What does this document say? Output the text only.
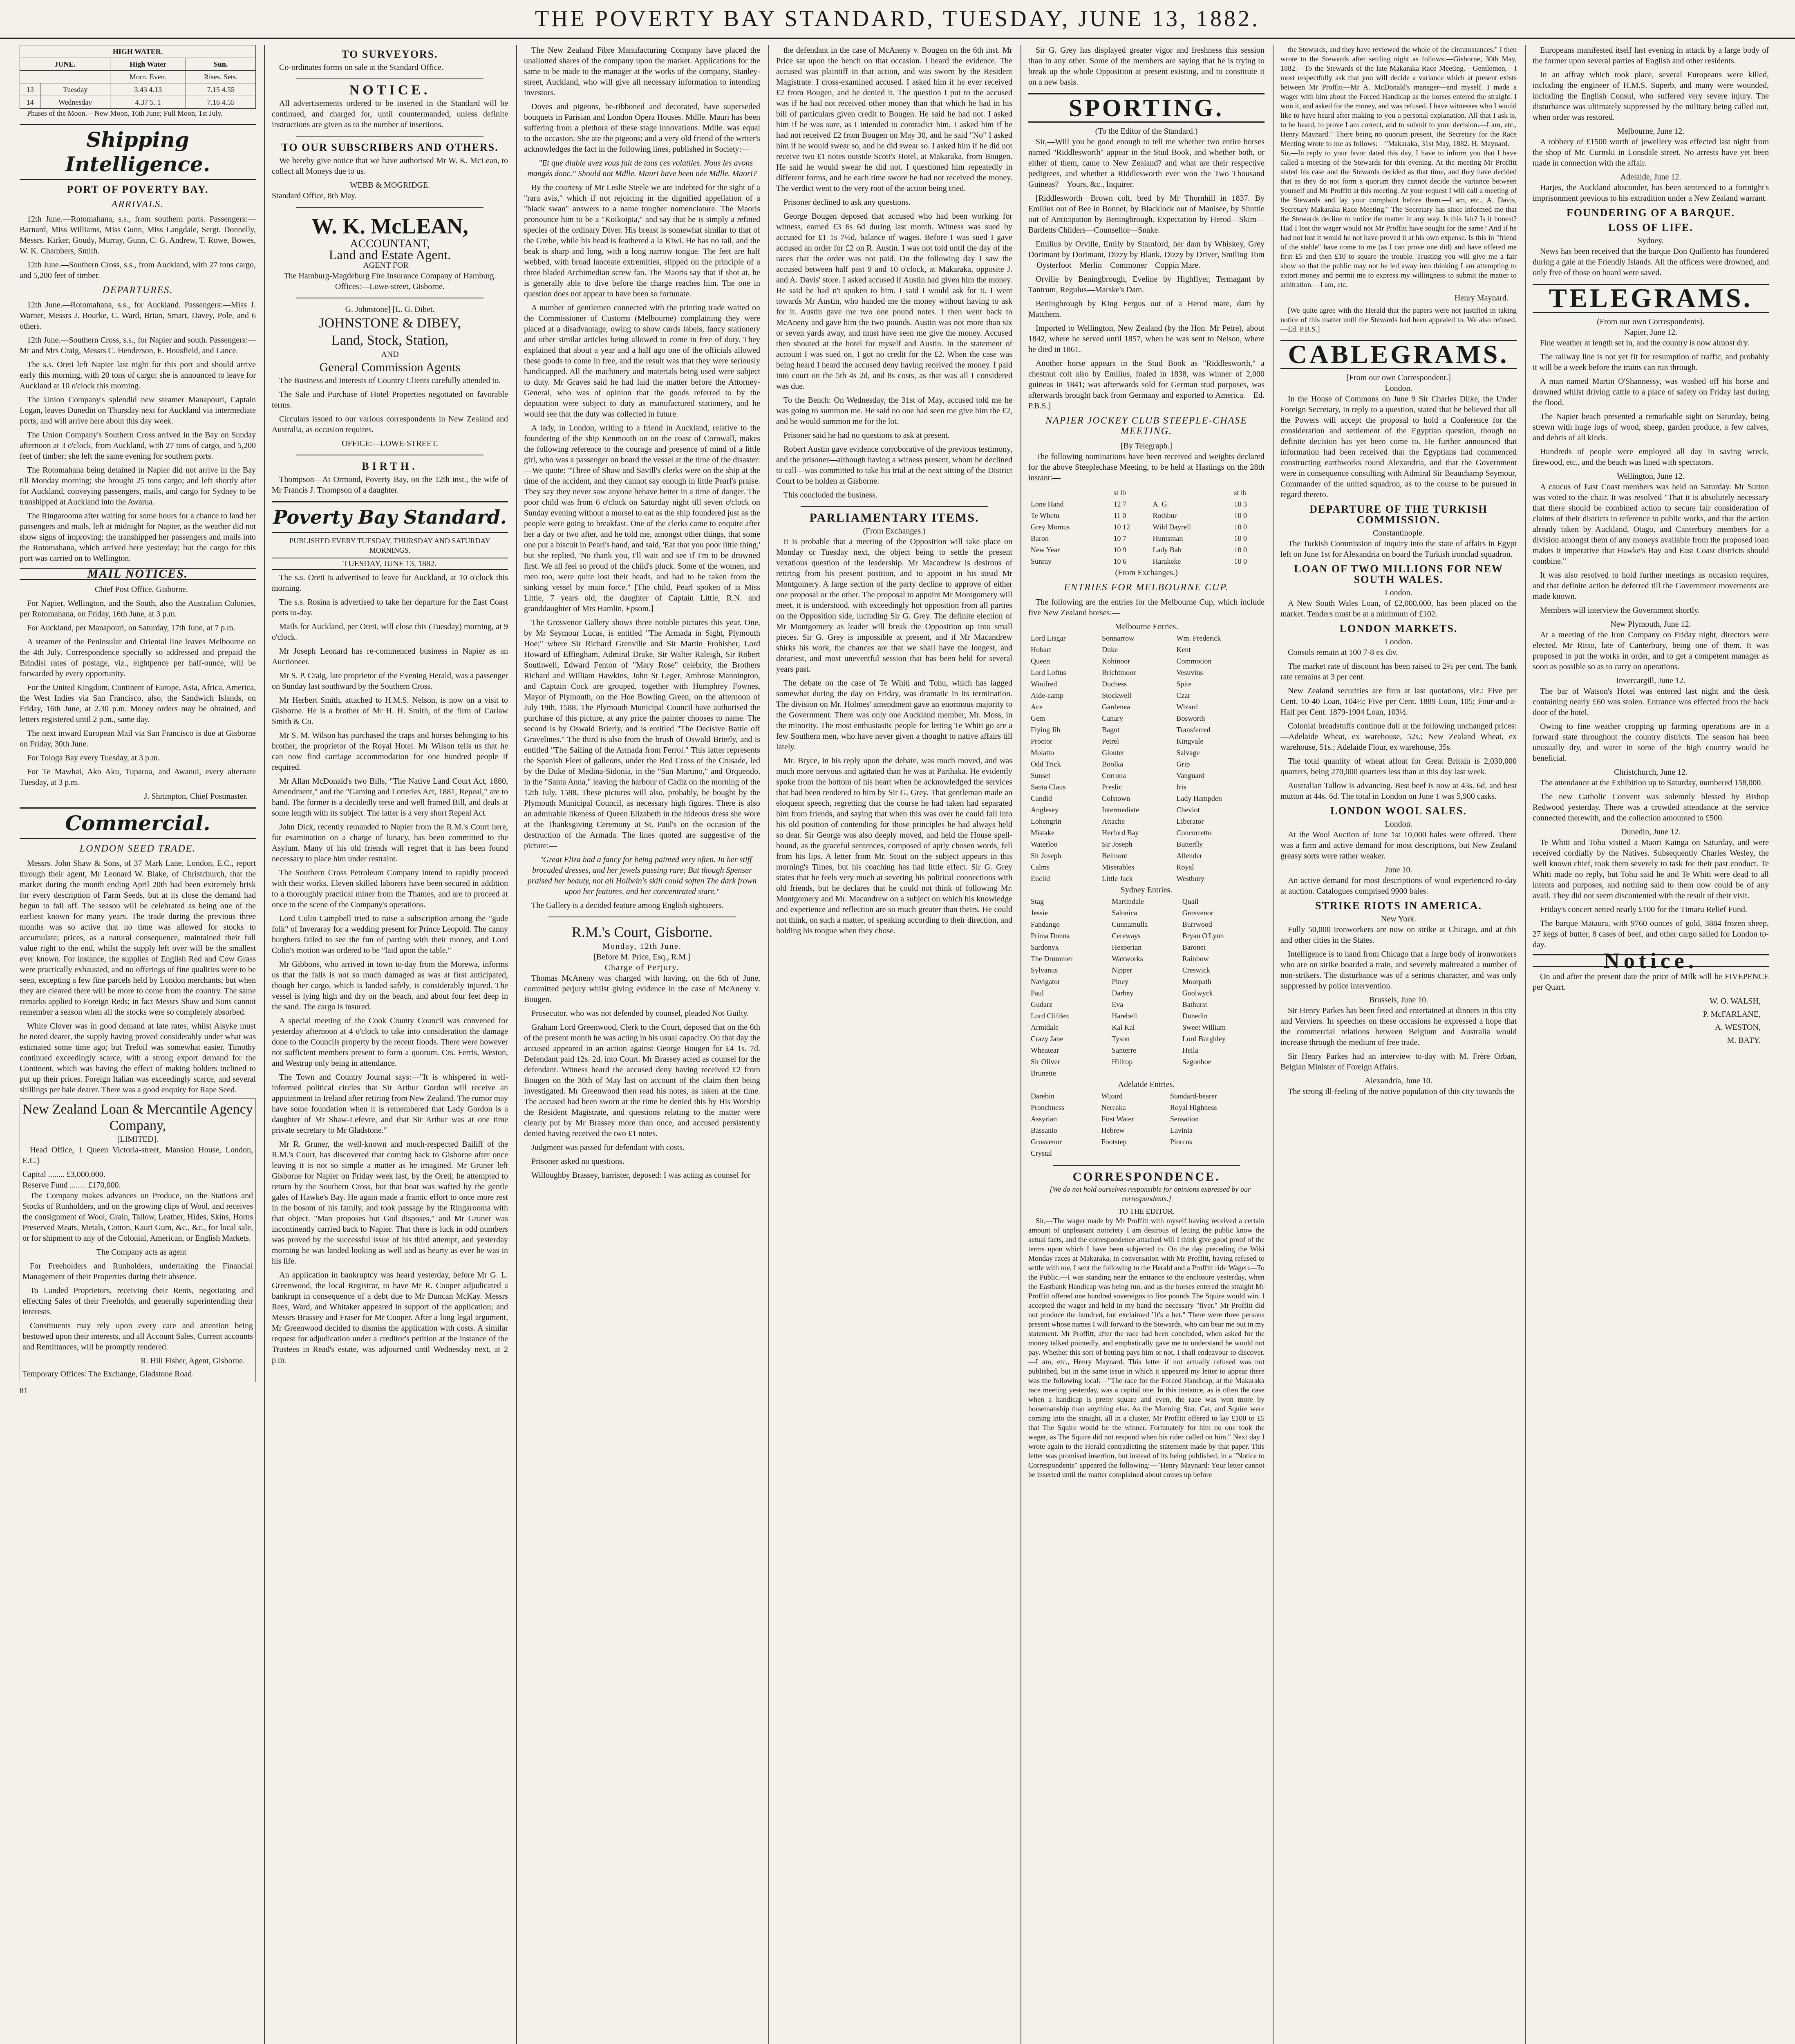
THE POVERTY BAY STANDARD, TUESDAY, JUNE 13, 1882.
HIGH WATER.			
JUNE.		High Water	Sun.
		Morn. Even.	Rises. Sets.
13	Tuesday	3.43 4.13	7.15 4.55
14	Wednesday	4.37 5. 1	7.16 4.55

Phases of the Moon.—New Moon, 16th June; Full Moon, 1st July.

Shipping Intelligence.
PORT OF POVERTY BAY.
ARRIVALS.

12th June.—Rotomahana, s.s., from southern ports. Passengers:—Barnard, Miss Williams, Miss Gunn, Miss Langdale, Sergt. Donnelly, Messrs. Kirker, Goudy, Murray, Gunn, C. G. Andrew, T. Rowe, Bowes, W. K. Chambers, Smith.

12th June.—Southern Cross, s.s., from Auckland, with 27 tons cargo, and 5,200 feet of timber.

DEPARTURES.

12th June.—Rotomahana, s.s., for Auckland. Passengers:—Miss J. Warner, Messrs J. Bourke, C. Ward, Brian, Smart, Davey, Pole, and 6 others.

12th June.—Southern Cross, s.s., for Napier and south. Passengers:—Mr and Mrs Craig, Messrs C. Henderson, E. Bousfield, and Lance.

The s.s. Oreti left Napier last night for this port and should arrive early this morning, with 20 tons of cargo; she is announced to leave for Auckland at 10 o'clock this morning.

The Union Company's splendid new steamer Manapouri, Captain Logan, leaves Dunedin on Thursday next for Auckland via intermediate ports; and will arrive here about this day week.

The Union Company's Southern Cross arrived in the Bay on Sunday afternoon at 3 o'clock, from Auckland, with 27 tons of cargo, and 5,200 feet of timber; she left the same evening for southern ports.

The Rotomahana being detained in Napier did not arrive in the Bay till Monday morning; she brought 25 tons cargo; and left shortly after for Auckland, conveying passengers, mails, and cargo for Sydney to be transhipped at Auckland into the Awarua.

The Ringarooma after waiting for some hours for a chance to land her passengers and mails, left at midnight for Napier, as the weather did not show signs of improving; the transhipped her passengers and mails into the Rotomahana, which arrived here yesterday; but the cargo for this port was carried on to Wellington.

MAIL NOTICES.

Chief Post Office, Gisborne.

For Napier, Wellington, and the South, also the Australian Colonies, per Rotomahana, on Friday, 16th June, at 3 p.m.

For Auckland, per Manapouri, on Saturday, 17th June, at 7 p.m.

A steamer of the Peninsular and Oriental line leaves Melbourne on the 4th July. Correspondence specially so addressed and prepaid the Brindisi rates of postage, viz., eightpence per half-ounce, will be forwarded by every opportunity.

For the United Kingdom, Continent of Europe, Asia, Africa, America, the West Indies via San Francisco, also, the Sandwich Islands, on Friday, 16th June, at 2.30 p.m. Money orders may be obtained, and letters registered until 2 p.m., same day.

The next inward European Mail via San Francisco is due at Gisborne on Friday, 30th June.

For Tologa Bay every Tuesday, at 3 p.m.

For Te Mawhai, Ako Aku, Tuparoa, and Awanui, every alternate Tuesday, at 3 p.m.

J. Shrimpton, Chief Postmaster.
Commercial.
LONDON SEED TRADE.

Messrs. John Shaw & Sons, of 37 Mark Lane, London, E.C., report through their agent, Mr Leonard W. Blake, of Christchurch, that the market during the month ending April 20th had been extremely brisk for every description of Farm Seeds, but at its close the demand had begun to fall off. The season will be celebrated as being one of the earliest known for many years. The trade during the previous three months was so active that no time was allowed for stocks to accumulate; prices, as a natural consequence, maintained their full value right to the end, whilst the supply left over will be the smallest ever known. For instance, the supplies of English Red and Cow Grass were practically exhausted, and no offerings of fine qualities were to be seen, excepting a few fine parcels held by London merchants; but when they are cleared there will be more to come from the country. The same remarks applied to Foreign Reds; in fact Messrs Shaw and Sons cannot remember a season when all the stocks were so completely absorbed.

White Clover was in good demand at late rates, whilst Alsyke must be noted dearer, the supply having proved considerably under what was estimated some time ago; but Trefoil was somewhat easier. Timothy continued exceedingly scarce, with a strong export demand for the Continent, which was having the effect of making holders inclined to put up their prices. Foreign Italian was exceedingly scarce, and several shillings per bale dearer. There was a good enquiry for Rape Seed.

New Zealand Loan & Mercantile Agency Company,
[LIMITED].

Head Office, 1 Queen Victoria-street, Mansion House, London, E.C.)

Capital ........ £3,000,000.
Reserve Fund ........ £170,000.

The Company makes advances on Produce, on the Stations and Stocks of Runholders, and on the growing clips of Wool, and receives the consignment of Wool, Grain, Tallow, Leather, Hides, Skins, Horns Preserved Meats, Metals, Cotton, Kauri Gum, &c., &c., for local sale, or for shipment to any of the Colonial, American, or English Markets.

The Company acts as agent

For Freeholders and Runholders, undertaking the Financial Management of their Properties during their absence.

To Landed Proprietors, receiving their Rents, negotiating and effecting Sales of their Freeholds, and generally superintending their interests.

Constituents may rely upon every care and attention being bestowed upon their interests, and all Account Sales, Current accounts and Remittances, will be promptly rendered.

R. Hill Fisher, Agent, Gisborne.
Temporary Offices: The Exchange, Gladstone Road.
81
TO SURVEYORS.

Co-ordinates forms on sale at the Standard Office.

NOTICE.

All advertisements ordered to be inserted in the Standard will be continued, and charged for, until countermanded, unless definite instructions are given as to the number of insertions.

TO OUR SUBSCRIBERS AND OTHERS.

We hereby give notice that we have authorised Mr W. K. McLean, to collect all Moneys due to us.

WEBB & MOGRIDGE.
Standard Office, 8th May.
W. K. McLEAN,
ACCOUNTANT,
Land and Estate Agent.
AGENT FOR—
The Hamburg-Magdeburg Fire Insurance Company of Hamburg.
Offices:—Lowe-street, Gisborne.
G. Johnstone] [L. G. Dibet.
JOHNSTONE & DIBEY,
Land, Stock, Station,
—AND—
General Commission Agents

The Business and Interests of Country Clients carefully attended to.

The Sale and Purchase of Hotel Properties negotiated on favorable terms.

Circulars issued to our various correspondents in New Zealand and Australia, as occasion requires.

OFFICE:—LOWE-STREET.
BIRTH.

Thompson—At Ormond, Poverty Bay, on the 12th inst., the wife of Mr Francis J. Thompson of a daughter.

Poverty Bay Standard.
PUBLISHED EVERY TUESDAY, THURSDAY AND SATURDAY MORNINGS.
TUESDAY, JUNE 13, 1882.

The s.s. Oreti is advertised to leave for Auckland, at 10 o'clock this morning.

The s.s. Rosina is advertised to take her departure for the East Coast ports to-day.

Mails for Auckland, per Oreti, will close this (Tuesday) morning, at 9 o'clock.

Mr Joseph Leonard has re-commenced business in Napier as an Auctioneer.

Mr S. P. Craig, late proprietor of the Evening Herald, was a passenger on Sunday last southward by the Southern Cross.

Mr Herbert Smith, attached to H.M.S. Nelson, is now on a visit to Gisborne. He is a brother of Mr H. H. Smith, of the firm of Carlaw Smith & Co.

Mr S. M. Wilson has purchased the traps and horses belonging to his brother, the proprietor of the Royal Hotel. Mr Wilson tells us that he can now find carriage accommodation for one hundred people if required.

Mr Allan McDonald's two Bills, "The Native Land Court Act, 1880, Amendment," and the "Gaming and Lotteries Act, 1881, Repeal," are to hand. The former is a decidedly terse and well framed Bill, and deals at some length with its subject. The latter is a very short Repeal Act.

John Dick, recently remanded to Napier from the R.M.'s Court here, for examination on a charge of lunacy, has been committed to the Asylum. Many of his old friends will regret that it has been found necessary to place him under restraint.

The Southern Cross Petroleum Company intend to rapidly proceed with their works. Eleven skilled laborers have been secured in addition to a thoroughly practical miner from the Thames, and are to proceed at once to the scene of the Company's operations.

Lord Colin Campbell tried to raise a subscription among the "gude folk" of Inveraray for a wedding present for Prince Leopold. The canny burghers failed to see the fun of parting with their money, and Lord Colin's motion was ordered to be "laid upon the table."

Mr Gibbons, who arrived in town to-day from the Morewa, informs us that the falls is not so much damaged as was at first anticipated, though her cargo, which is landed safely, is considerably injured. The vessel is lying high and dry on the beach, and about four feet deep in the sand. The cargo is insured.

A special meeting of the Cook County Council was convened for yesterday afternoon at 4 o'clock to take into consideration the damage done to the Councils property by the recent floods. There were however not sufficient members present to form a quorum. Crs. Ferris, Weston, and Westrup only being in attendance.

The Town and Country Journal says:—"It is whispered in well-informed political circles that Sir Arthur Gordon will receive an appointment in Ireland after retiring from New Zealand. The rumor may have some foundation when it is remembered that Lady Gordon is a daughter of Mr Shaw-Lefevre, and that Sir Arthur was at one time private secretary to Mr Gladstone."

Mr R. Gruner, the well-known and much-respected Bailiff of the R.M.'s Court, has discovered that coming back to Gisborne after once leaving it is not so simple a matter as he imagined. Mr Gruner left Gisborne for Napier on Friday week last, by the Oreti; he attempted to return by the Southern Cross, but that boat was wafted by the gentle gales of Hawke's Bay. He again made a frantic effort to once more rest in the bosom of his family, and took passage by the Ringarooma with that object. "Man proposes but God disposes," and Mr Gruner was incontinently carried back to Napier. That there is luck in odd numbers was proved by the successful issue of his third attempt, and yesterday morning he was landed looking as well and as hearty as ever he was in his life.

An application in bankruptcy was heard yesterday, before Mr G. L. Greenwood, the local Registrar, to have Mr R. Cooper adjudicated a bankrupt in consequence of a debt due to Mr Duncan McKay. Messrs Rees, Ward, and Whitaker appeared in support of the application; and Messrs Brassey and Fraser for Mr Cooper. After a long legal argument, Mr Greenwood decided to dismiss the application with costs. A similar request for adjudication under a creditor's petition at the instance of the Trustees in Read's estate, was adjourned until Wednesday next, at 2 p.m.

The New Zealand Fibre Manufacturing Company have placed the unallotted shares of the company upon the market. Applications for the same to be made to the manager at the works of the company, Stanley-street, Auckland, who will give all necessary information to intending investors.

Doves and pigeons, be-ribboned and decorated, have superseded bouquets in Parisian and London Opera Houses. Mdlle. Mauri has been suffering from a plethora of these stage innovations. Mdlle. was equal to the occasion. She ate the pigeons; and a very old friend of the writer's acknowledges the fact in the following lines, published in Society:—

"Et que diable avez vous fait de tous ces volatiles. Nous les avons mangés donc." Should not Mdlle. Mauri have been née Mdlle. Maori?

By the courtesy of Mr Leslie Steele we are indebted for the sight of a "rara avis," which if not rejoicing in the dignified appellation of a "black swan" answers to a name tougher nomenclature. The Maoris pronounce him to be a "Koikoipia," and say that he is simply a refined species of the ordinary Diver. His breast is somewhat similar to that of the Grebe, while his head is feathered a la Kiwi. He has no tail, and the beak is sharp and long, with a long narrow tongue. The feet are half webbed, with broad lanceate extremities, slipped on the principle of a three bladed Archimedian screw fan. The Maoris say that if shot at, he is generally able to dive before the charge reaches him. The one in question does not appear to have been so fortunate.

A number of gentlemen connected with the printing trade waited on the Commissioner of Customs (Melbourne) complaining they were placed at a disadvantage, owing to show cards labels, fancy stationery and other similar articles being allowed to come in free of duty. They explained that about a year and a half ago one of the officials allowed these goods to come in free, and the result was that they were seriously handicapped. All the machinery and materials being used were subject to duty. Mr Graves said he had laid the matter before the Attorney-General, who was of opinion that the goods referred to by the deputation were subject to duty as manufactured stationery, and he would see that the duty was collected in future.

A lady, in London, writing to a friend in Auckland, relative to the foundering of the ship Kenmouth on on the coast of Cornwall, makes the following reference to the courage and presence of mind of a little girl, who was a passenger on board the vessel at the time of the disaster:—We quote: "Three of Shaw and Savill's clerks were on the ship at the time of the accident, and they cannot say enough in little Pearl's praise. They say they never saw anyone behave better in a time of danger. The poor child was from 6 o'clock on Saturday night till seven o'clock on Sunday evening without a morsel to eat as the ship foundered just as the people were going to breakfast. One of the clerks came to enquire after her a day or two after, and he told me, amongst other things, that some one put a biscuit in Pearl's hand, and said, 'Eat that you poor little thing,' but she replied, 'No thank you, I'll wait and see if I'm to be drowned first. We all feel so proud of the child's pluck. Some of the women, and men too, were quite lost their heads, and had to be taken from the sinking vessel by main force." [The child, Pearl spoken of is Miss Little, 7 years old, the daughter of Captain Little, R.N. and granddaughter of Mrs Hamlin, Epsom.]

The Grosvenor Gallery shows three notable pictures this year. One, by Mr Seymour Lucas, is entitled "The Armada in Sight, Plymouth Hoe;" where Sir Richard Grenville and Sir Martin Frobisher, Lord Howard of Effingham, Admiral Drake, Sir Walter Raleigh, Sir Robert Southwell, Edward Fenton of "Mary Rose" celebrity, the Brothers Richard and William Hawkins, John St Leger, Ambrose Mannington, and Captain Cock are grouped, together with Humphrey Fownes, Mayor of Plymouth, on the Hoe Bowling Green, on the afternoon of July 19th, 1588. The Plymouth Municipal Council have authorised the purchase of this picture, at any price the painter chooses to name. The second is by Oswald Brierly, and is entitled "The Decisive Battle off Gravelines." The third is also from the brush of Oswald Brierly, and is entitled "The Sailing of the Armada from Ferrol." This latter represents the Spanish Fleet of galleons, under the Red Cross of the Crusade, led by the Duke of Medina-Sidonia, in the "San Martino," and Orquendo, in the "Santa Anna," leaving the harbour of Cadiz on the morning of the 12th July, 1588. These pictures will also, probably, be bought by the Plymouth Municipal Council, as necessary high figures. There is also an admirable likeness of Queen Elizabeth in the hideous dress she wore at the Thanksgiving Ceremony at St. Paul's on the occasion of the destruction of the Armada. The lines quoted are suggestive of the picture:—

"Great Eliza had a fancy for being painted very often. In her stiff brocaded dresses, and her jewels passing rare; But though Spenser praised her beauty, not all Holbein's skill could soften The dark frown upon her features, and her concentrated stare."

The Gallery is a decided feature among English sightseers.

R.M.'s Court, Gisborne.
Monday, 12th June.
[Before M. Price, Esq., R.M.]
Charge of Perjury.

Thomas McAneny was charged with having, on the 6th of June, committed perjury whilst giving evidence in the case of McAneny v. Bougen.

Prosecutor, who was not defended by counsel, pleaded Not Guilty.

Graham Lord Greenwood, Clerk to the Court, deposed that on the 6th of the present month he was acting in his usual capacity. On that day the accused appeared in an action against George Bougen for £4 1s. 7d. Defendant paid 12s. 2d. into Court. Mr Brassey acted as counsel for the defendant. Witness heard the accused deny having received £2 from Bougen on the 30th of May last on account of the claim then being investigated. Mr Greenwood then read his notes, as taken at the time. The accused had been sworn at the time he denied this by His Worship the Resident Magistrate, and questions relating to the matter were clearly put by Mr Brassey more than once, and accused persistently denied having received the two £1 notes.

Judgment was passed for defendant with costs.

Prisoner asked no questions.

Willoughby Brassey, barrister, deposed: I was acting as counsel for

the defendant in the case of McAneny v. Bougen on the 6th inst. Mr Price sat upon the bench on that occasion. I heard the evidence. The accused was plaintiff in that action, and was sworn by the Resident Magistrate. I cross-examined accused. I asked him if he ever received £2 from Bougen, and he denied it. The question I put to the accused was if he had not received other money than that which he had in his bill of particulars given credit to Bougen. He said he had not. I asked him if he was sure, as I intended to contradict him. I asked him if he had not received £2 from Bougen on May 30, and he said "No" I asked him if he would swear so, and he did swear so. I asked him if he did not receive two £1 notes outside Scott's Hotel, at Makaraka, from Bougen. He said he would swear he did not. I questioned him repeatedly in different forms, and he each time swore he had not received the money. The verdict went to the very root of the action being tried.

Prisoner declined to ask any questions.

George Bougen deposed that accused who had been working for witness, earned £3 6s 6d during last month. Witness was sued by accused for £1 1s 7½d, balance of wages. Before I was sued I gave accused an order for £2 on R. Austin. I was not told until the day of the races that the order was not paid. On the following day I saw the accused between half past 9 and 10 o'clock, at Makaraka, opposite J. and A. Davis' store. I asked accused if Austin had given him the money. He said he had n't spoken to him. I said I would ask for it. I went towards Mr Austin, who handed me the money without having to ask for it. Austin gave me two one pound notes. I then went back to McAneny and gave him the two pounds. Austin was not more than six or seven yards away, and must have seen me give the money. Accused then shouted at the hotel for myself and Austin. In the statement of account I was sued on, I got no credit for the £2. When the case was being heard I heard the accused deny having received the money. I paid into court on the 5th 4s 2d, and 8s costs, as that was all I considered was due.

To the Bench: On Wednesday, the 31st of May, accused told me he was going to summon me. He said no one had seen me give him the £2, and he would summon me for the lot.

Prisoner said he had no questions to ask at present.

Robert Austin gave evidence corroborative of the previous testimony, and the prisoner—although having a witness present, whom he declined to call—was committed to take his trial at the next sitting of the District Court to be holden at Gisborne.

This concluded the business.

PARLIAMENTARY ITEMS.
(From Exchanges.)

It is probable that a meeting of the Opposition will take place on Monday or Tuesday next, the object being to settle the present vexatious question of the leadership. Mr Macandrew is desirous of retiring from his present position, and to appoint in his stead Mr Montgomery. A large section of the party decline to approve of either one proposal or the other. The proposal to appoint Mr Montgomery will meet, it is understood, with exceedingly hot opposition from all parties on the Opposition side, including Sir G. Grey. The definite election of Mr Montgomery as leader will break the Opposition up into small pieces. Sir G. Grey is impossible at present, and if Mr Macandrew shirks his work, the chances are that we shall have the longest, and dreariest, and most uneventful session that has been held for several years past.

The debate on the case of Te Whiti and Tohu, which has lagged somewhat during the day on Friday, was dramatic in its termination. The division on Mr. Holmes' amendment gave an enormous majority to the Government. There was only one Auckland member, Mr. Moss, in the minority. The most enthusiastic people for letting Te Whiti go are a few Southern men, who have never given a thought to native affairs till lately.

Mr. Bryce, in his reply upon the debate, was much moved, and was much more nervous and agitated than he was at Parihaka. He evidently spoke from the bottom of his heart when he acknowledged the services that had been rendered to him by Sir G. Grey. That gentleman made an eloquent speech, regretting that the course he had taken had separated him from friends, and saying that when this was over he could fall into his old position of contending for those principles he had always held so dear. Sir George was also deeply moved, and held the House spell-bound, as the graceful sentences, composed of aptly chosen words, fell from his lips. A letter from Mr. Stout on the subject appears in this morning's Times, but his coaching has had little effect. Sir G. Grey states that he feels very much at severing his political connections with old friends, but he declares that he could not think of following Mr. Montgomery and Mr. Macandrew on a subject on which his knowledge and experience and reflection are so much greater than theirs. He could not think, on such a matter, of speaking according to their direction, and holding his tongue when they chose.

Sir G. Grey has displayed greater vigor and freshness this session than in any other. Some of the members are saying that he is trying to break up the whole Opposition at present existing, and to constitute it on a new basis.

SPORTING.
(To the Editor of the Standard.)

Sir,—Will you be good enough to tell me whether two entire horses named "Riddlesworth" appear in the Stud Book, and whether both, or either of them, came to New Zealand? and what are their respective pedigrees, and whether a Riddlesworth ever won the Two Thousand Guineas?—Yours, &c., Inquirer.

[Riddlesworth—Brown colt, bred by Mr Thornhill in 1837. By Emilius out of Bee in Bonnet, by Blacklock out of Manisee, by Shuttle out of Anticipation by Beningbrough. Expectation by Herod—Skim—Bartletts Childers—Counsellor—Snake.

Emilius by Orville, Emily by Stamford, her dam by Whiskey, Grey Dorimant by Dorimant, Dizzy by Blank, Dizzy by Driver, Smiling Tom—Oysterfoot—Merlin—Commoner—Coppin Mare.

Orville by Beningbrough, Eveline by Highflyer, Termagant by Tantrum, Regulus—Marske's Dam.

Beningbrough by King Fergus out of a Herod mare, dam by Matchem.

Imported to Wellington, New Zealand (by the Hon. Mr Petre), about 1842, where he served until 1857, when he was sent to Nelson, where he died in 1861.

Another horse appears in the Stud Book as "Riddlesworth," a chestnut colt also by Emilius, foaled in 1838, was winner of 2,000 guineas in 1841; was afterwards sold for German stud purposes, was afterwards brought back from Germany and exported to America.—Ed. P.B.S.]

NAPIER JOCKEY CLUB STEEPLE-CHASE MEETING.
[By Telegraph.]

The following nominations have been received and weights declared for the above Steeplechase Meeting, to be held at Hastings on the 28th instant:—

	st lb		st lb
Lone Hand	12 7	A. G.	10 3
Te Whetu	11 0	Rothbur	10 0
Grey Momus	10 12	Wild Dayrell	10 0
Baron	10 7	Huntsman	10 0
New Year	10 9	Lady Bab	10 0
Sunray	10 6	Harakeke	10 0
(From Exchanges.)
ENTRIES FOR MELBOURNE CUP.

The following are the entries for the Melbourne Cup, which include five New Zealand horses:—

Melbourne Entries.
Lord Lisgar	Sonnarrow	Wm. Frederick
Hobart	Duke	Kent
Queen	Kohinoor	Commotion
Lord Loftus	Brichtmoor	Vesuvius
Winifred	Duchess	Spite
Aide-camp	Stockwell	Czar
Ace	Gardenea	Wizard
Gem	Canary	Bosworth
Flying Jib	Bagot	Transferred
Proctor	Petrel	Kingvale
Molatto	Glouter	Salvage
Odd Trick	Boolka	Grip
Sunset	Corrona	Vanguard
Santa Claus	Preslic	Iris
Candid	Colstown	Lady Hampden
Anglesey	Intermediate	Cheviot
Lohengrin	Attache	Liberator
Mistake	Herford Bay	Concurretto
Waterloo	Sir Joseph	Butterfly
Sir Joseph	Belmont	Allender
Calms	Miserables	Royal
Euclid	Little Jack	Westbury
Sydney Entries.
Stag	Martindale	Quail
Jessie	Salonica	Grosvenor
Fandango	Cunnamulla	Burrwood
Prima Donna	Cereways	Bryan O'Lynn
Sardonyx	Hesperian	Baronet
The Drummer	Waxworks	Rainbow
Sylvanus	Nipper	Creswick
Navigator	Piney	Moorpath
Paul	Darbey	Goolwyck
Gudarz	Eva	Bathurst
Lord Clifden	Harebell	Dunedin
Armidale	Kal Kal	Sweet William
Crazy Jane	Tyson	Lord Burghley
Wheatear	Santerre	Heila
Sir Oliver	Hilltop	Segonhoe
Brunette		
Adelaide Entries.
Darebin	Wizard	Standard-bearer
Pronchness	Nereaka	Royal Highness
Assyrian	First Water	Sensation
Bassanio	Hebrew	Lavinia
Grosvenor	Footstep	Piorcus
Crystal		
CORRESPONDENCE.

[We do not hold ourselves responsible for opinions expressed by our correspondents.]

TO THE EDITOR.

Sir,—The wager made by Mr Proffitt with myself having received a certain amount of unpleasant notoriety I am desirous of letting the public know the actual facts, and the correspondence attached will I think give good proof of the terms upon which I have been subjected to. On the day preceding the Wiki Monday races at Makaraka, in conversation with Mr Proffitt, having refused to settle with me, I sent the following to the Herald and a Proffitt ride Wager:—To the Public.—I was standing near the entrance to the enclosure yesterday, when the Eastbank Handicap was being run, and as the horses entered the straight Mr Proffitt offered one hundred sovereigns to five pounds The Squire would win. I accepted the wager and held in my hand the necessary "fiver." Mr Proffitt did not produce the hundred, but exclaimed "it's a bet." There were three persons present whose names I will forward to the Stewards, who can bear me out in my statement. Mr Proffitt, after the race had been concluded, when asked for the money talked pointedly, and emphatically gave me to understand he would not pay. Whether this sort of betting pays him or not, I shall endeavour to discover.—I am, etc., Henry Maynard. This letter if not actually refused was not published, but in the same issue in which it appeared my letter to appear there was the following local:—"The race for the Forced Handicap, at the Makaraka race meeting yesterday, was a capital one. In this instance, as is often the case when a handicap is pretty square and even, the race was won more by horsemanship than anything else. As the Morning Star, Cat, and Squire were coming into the straight, all in a cluster, Mr Proffitt offered to lay £100 to £5 that The Squire would be the winner. Fortunately for him no one took the wager, as The Squire did not respond when his rider called on him." Next day I wrote again to the Herald contradicting the statement made by that paper. This letter was promised insertion, but instead of its being published, in a "Notice to Correspondents" appeared the following:—"Henry Maynard: Your letter cannot be inserted until the matter complained about comes up before

the Stewards, and they have reviewed the whole of the circumstances." I then wrote to the Stewards after settling night as follows:—Gisborne, 30th May, 1882.—To the Stewards of the late Makaraka Race Meeting.—Gentlemen,—I most respectfully ask that you will decide a variance which at present exists between Mr Proffitt—Mr A. McDonald's manager—and myself. I made a wager with him about the Forced Handicap as the horses entered the straight. I won it, and asked for the money, and was refused. I have witnesses who I would like to have heard after making to you a personal explanation. All that I ask is, to be heard, to prove I am correct, and to submit to your decision.—I am, etc., Henry Maynard." There being no quorum present, the Secretary for the Race Meeting wrote to me as follows:—"Makaraka, 31st May, 1882. H. Maynard.—Sir,—In reply to your favor dated this day, I have to inform you that I have called a meeting of the Stewards for this evening. At the meeting Mr Proffitt stated his case and the Stewards decided as that time, and they have decided that as they do not form a quorum they cannot decide the variance between yourself and Mr Proffitt at this meeting. At your request I will call a meeting of the Stewards and lay your complaint before them.—I am, etc., A. Davis, Secretary Makaraka Race Meeting." The Secretary has since informed me that the Stewards decline to notice the matter in any way. Is this fair? Is it honest? Had I lost the wager would not Mr Proffitt have sought for the same? And if he had not lost it would he not have proved it at his own expense. Is this in "friend of the stable" have come to me (as I can prove one did) and have offered me first £5 and then £10 to square the trouble. Trusting you will give me a fair show so that the public may not be led away into thinking I am attempting to extort money and permit me to express my willingness to submit the matter to arbitration.—I am, etc.

Henry Maynard.

[We quite agree with the Herald that the papers were not justified in taking notice of this matter until the Stewards had been appealed to. We also refused.—Ed. P.B.S.]

CABLEGRAMS.
[From our own Correspondent.]
London.

In the House of Commons on June 9 Sir Charles Dilke, the Under Foreign Secretary, in reply to a question, stated that he believed that all the Powers will accept the proposal to hold a Conference for the consideration and settlement of the Egyptian question, though no definite decision has yet been come to. He further announced that information had been received that the Egyptians had commenced constructing earthworks round Alexandria, and that the Government were in consequence consulting with Admiral Sir Beauchamp Seymour, Commander of the united squadron, as to the course to be pursued in regard thereto.

DEPARTURE OF THE TURKISH COMMISSION.
Constantinople.

The Turkish Commission of Inquiry into the state of affairs in Egypt left on June 1st for Alexandria on board the Turkish ironclad squadron.

LOAN OF TWO MILLIONS FOR NEW SOUTH WALES.
London.

A New South Wales Loan, of £2,000,000, has been placed on the market. Tenders must be at a minimum of £102.

LONDON MARKETS.
London.

Consols remain at 100 7-8 ex div.

The market rate of discount has been raised to 2½ per cent. The bank rate remains at 3 per cent.

New Zealand securities are firm at last quotations, viz.: Five per Cent. 10-40 Loan, 104½; Five per Cent. 1889 Loan, 105; Four-and-a-Half per Cent. 1879-1904 Loan, 103½.

Colonial breadstuffs continue dull at the following unchanged prices:—Adelaide Wheat, ex warehouse, 52s.; New Zealand Wheat, ex warehouse, 51s.; Adelaide Flour, ex warehouse, 35s.

The total quantity of wheat afloat for Great Britain is 2,030,000 quarters, being 270,000 quarters less than at this day last week.

Australian Tallow is advancing. Best beef is now at 43s. 6d. and best mutton at 44s. 6d. The total in London on June 1 was 5,900 casks.

LONDON WOOL SALES.
London.

At the Wool Auction of June 1st 10,000 bales were offered. There was a firm and active demand for most descriptions, but New Zealand greasy sorts were rather weaker.

June 10.

An active demand for most descriptions of wool experienced to-day at auction. Catalogues comprised 9900 bales.

STRIKE RIOTS IN AMERICA.
New York.

Fully 50,000 ironworkers are now on strike at Chicago, and at this and other cities in the States.

Intelligence is to hand from Chicago that a large body of ironworkers who are on strike boarded a train, and severely maltreated a number of non-strikers. The disturbance was of a serious character, and was only suppressed by police intervention.

Brussels, June 10.

Sir Henry Parkes has been feted and entertained at dinners in this city and Verviers. In speeches on these occasions he expressed a hope that the commercial relations between Belgium and Australia would increase through the medium of free trade.

Sir Henry Parkes had an interview to-day with M. Frère Orban, Belgian Minister of Foreign Affairs.

Alexandria, June 10.

The strong ill-feeling of the native population of this city towards the

Europeans manifested itself last evening in attack by a large body of the former upon several parties of English and other residents.

In an affray which took place, several Europeans were killed, including the engineer of H.M.S. Superb, and many were wounded, including the English Consul, who suffered very severe injury. The disturbance was ultimately suppressed by the military being called out, when order was restored.

Melbourne, June 12.

A robbery of £1500 worth of jewellery was effected last night from the shop of Mr. Curnski in Lonsdale street. No arrests have yet been made in connection with the affair.

Adelaide, June 12.

Harjes, the Auckland absconder, has been sentenced to a fortnight's imprisonment previous to his extradition under a New Zealand warrant.

FOUNDERING OF A BARQUE.
LOSS OF LIFE.
Sydney.

News has been received that the barque Don Quillento has foundered during a gale at the Friendly Islands. All the officers were drowned, and only five of those on board were saved.

TELEGRAMS.
(From our own Correspondents).
Napier, June 12.

Fine weather at length set in, and the country is now almost dry.

The railway line is not yet fit for resumption of traffic, and probably it will be a week before the trains can run through.

A man named Martin O'Shannessy, was washed off his horse and drowned whilst driving cattle to a place of safety on Friday last during the flood.

The Napier beach presented a remarkable sight on Saturday, being strewn with huge logs of wood, sheep, garden produce, a few calves, and debris of all kinds.

Hundreds of people were employed all day in saving wreck, firewood, etc., and the beach was lined with spectators.

Wellington, June 12.

A caucus of East Coast members was held on Saturday. Mr Sutton was voted to the chair. It was resolved "That it is absolutely necessary that there should be combined action to secure fair consideration of claims of their districts in reference to public works, and that the action already taken by Auckland, Otago, and Canterbury members for a division amongst them of any moneys available from the proposed loan makes it imperative that Hawke's Bay and East Coast districts should combine."

It was also resolved to hold further meetings as occasion requires, and that definite action be deferred till the Government movements are made known.

Members will interview the Government shortly.

New Plymouth, June 12.

At a meeting of the Iron Company on Friday night, directors were elected. Mr Ritso, late of Canterbury, being one of them. It was proposed to put the works in order, and to get a competent manager as soon as possible so as to carry on operations.

Invercargill, June 12.

The bar of Watson's Hotel was entered last night and the desk containing nearly £60 was stolen. Entrance was effected from the back door of the hotel.

Owing to fine weather cropping up farming operations are in a forward state throughout the country districts. The season has been unusually dry, and water in some of the high country would be beneficial.

Christchurch, June 12.

The attendance at the Exhibition up to Saturday, numbered 158,000.

The new Catholic Convent was solemnly blessed by Bishop Redwood yesterday. There was a crowded attendance at the service connected therewith, and the collection amounted to £500.

Dunedin, June 12.

Te Whiti and Tohu visited a Maori Kainga on Saturday, and were received cordially by the Natives. Subsequently Charles Wesley, the well known chief, took them severely to task for their past conduct. Te Whiti made no reply, but Tohu said he and Te Whiti were dead to all intents and purposes, and nothing said to them now could be of any avail. They did not seem discontented with the result of their visit.

Friday's concert netted nearly £100 for the Timaru Relief Fund.

The barque Mataura, with 9760 ounces of gold, 3884 frozen sheep, 27 kegs of butter, 8 cases of beef, and other cargo sailed for London to-day.

Notice.

On and after the present date the price of Milk will be FIVEPENCE per Quart.

W. O. WALSH,
P. McFARLANE,
A. WESTON,
M. BATY.
